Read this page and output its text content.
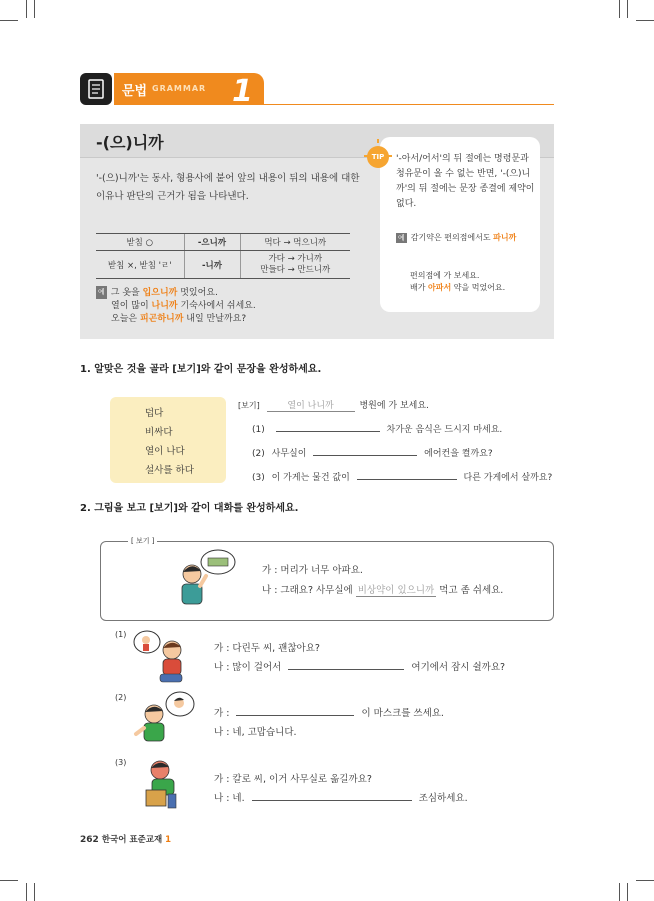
문법 GRAMMAR 1
-(으)니까
'-(으)니까'는 동사, 형용사에 붙어 앞의 내용이 뒤의 내용에 대한
이유나 판단의 근거가 됨을 나타낸다.
받침 ○	-으니까	먹다 → 먹으니까
받침 ×, 받침 'ㄹ'	-니까	가다 → 가니까
만들다 → 만드니까
예 그 옷을 입으니까 멋있어요.
열이 많이 나니까 기숙사에서 쉬세요.
오늘은 피곤하니까 내일 만날까요?
TIP	'-아서/어서'의 뒤 절에는 명령문과 청유문이 올 수 없는 반면, '-(으)니까'의 뒤 절에는 문장 종결에 제약이 없다.
예 감기약은 편의점에서도 파니까
편의점에 가 보세요.
배가 아파서 약을 먹었어요.
1. 알맞은 것을 골라 [보기]와 같이 문장을 완성하세요.
덥다
비싸다
열이 나다
설사를 하다
[보기]	열이 나니까	병원에 가 보세요.
(1)	차가운 음식은 드시지 마세요.
(2) 사무실이	에어컨을 켤까요?
(3) 이 가게는 물건 값이	다른 가게에서 살까요?
2. 그림을 보고 [보기]와 같이 대화를 완성하세요.
[ 보기 ]
가 : 머리가 너무 아파요.
나 : 그래요? 사무실에 비상약이 있으니까 먹고 좀 쉬세요.
(1)
가 : 다린두 씨, 괜찮아요?
나 : 많이 걸어서	여기에서 잠시 쉴까요?
(2)
가 :	이 마스크를 쓰세요.
나 : 네, 고맙습니다.
(3)
가 : 칼로 씨, 이거 사무실로 옮길까요?
나 : 네.	조심하세요.
262 한국어 표준교재 1
